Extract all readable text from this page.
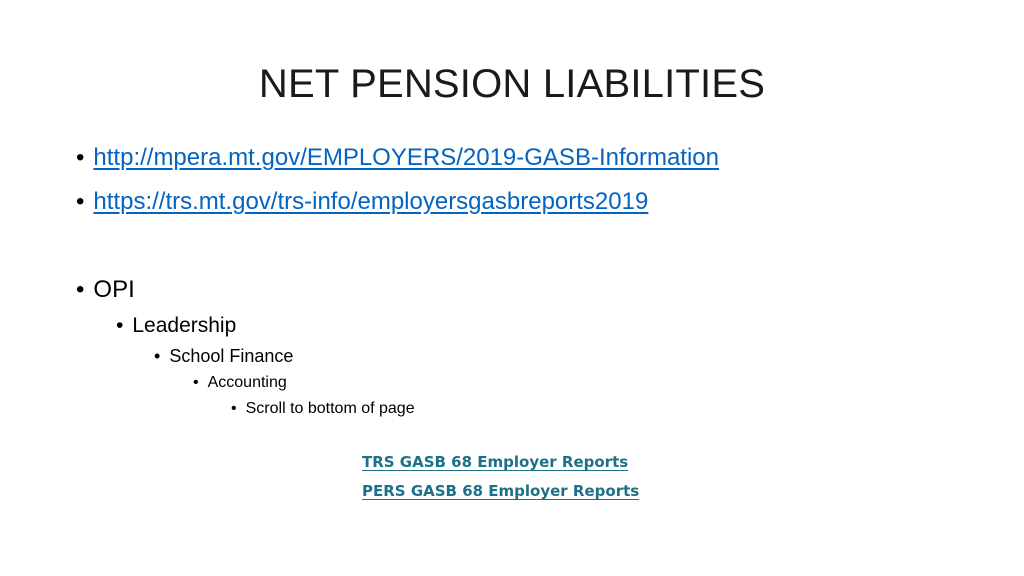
NET PENSION LIABILITIES
• http://mpera.mt.gov/EMPLOYERS/2019-GASB-Information
• https://trs.mt.gov/trs-info/employersgasbreports2019
• OPI
• Leadership
• School Finance
• Accounting
• Scroll to bottom of page
TRS GASB 68 Employer Reports
PERS GASB 68 Employer Reports
